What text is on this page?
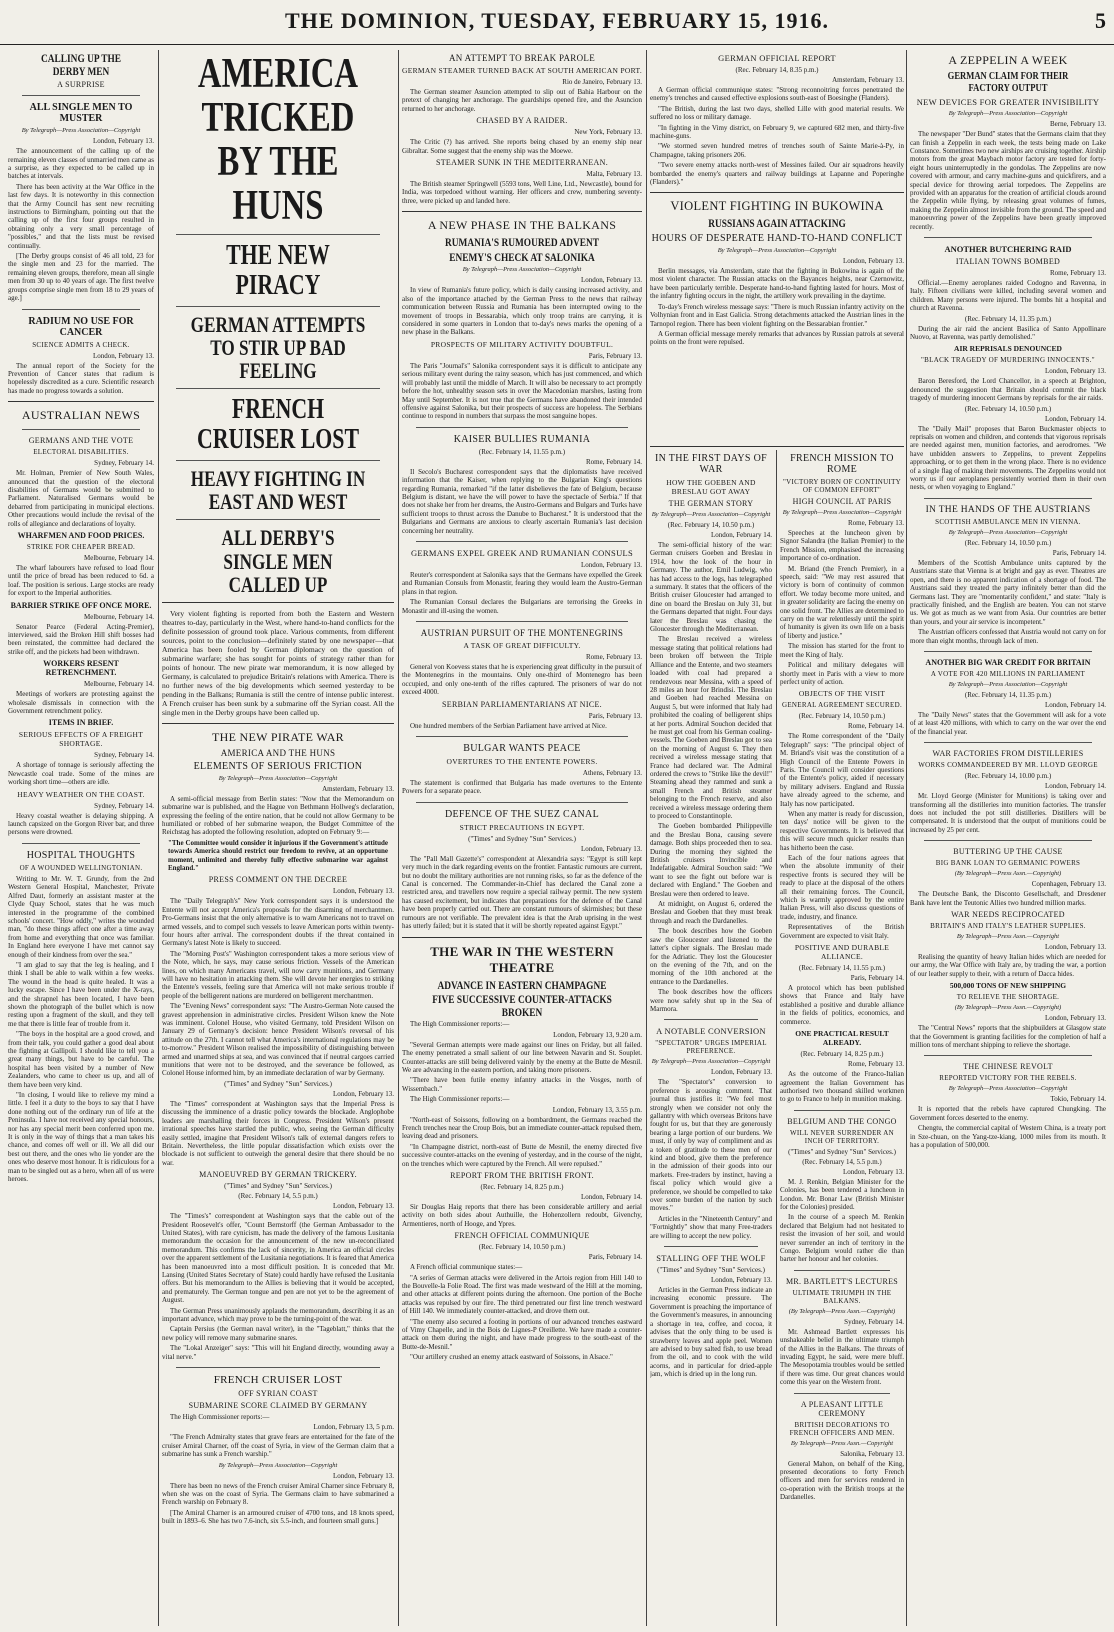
THE DOMINION, TUESDAY, FEBRUARY 15, 1916.	5
CALLING UP THE DERBY MEN
A SURPRISE
ALL SINGLE MEN TO MUSTER
By Telegraph—Press Association—Copyright
London, February 13.

The announcement of the calling up of the remaining eleven classes of unmarried men came as a surprise, as they expected to be called up in batches at intervals.

There has been activity at the War Office in the last few days. It is noteworthy in this connection that the Army Council has sent new recruiting instructions to Birmingham, pointing out that the calling up of the first four groups resulted in obtaining only a very small percentage of "possibles," and that the lists must be revised continually.

[The Derby groups consist of 46 all told, 23 for the single men and 23 for the married. The remaining eleven groups, therefore, mean all single men from 30 up to 40 years of age. The first twelve groups comprise single men from 18 to 29 years of age.]

RADIUM NO USE FOR CANCER
SCIENCE ADMITS A CHECK.
London, February 13.

The annual report of the Society for the Prevention of Cancer states that radium is hopelessly discredited as a cure. Scientific research has made no progress towards a solution.

AUSTRALIAN NEWS
GERMANS AND THE VOTE
ELECTORAL DISABILITIES.
Sydney, February 14.

Mr. Holman, Premier of New South Wales, announced that the question of the electoral disabilities of Germans would be submitted to Parliament. Naturalised Germans would be debarred from participating in municipal elections. Other precautions would include the revisal of the rolls of allegiance and declarations of loyalty.

WHARFMEN AND FOOD PRICES.
STRIKE FOR CHEAPER BREAD.
Melbourne, February 14.

The wharf labourers have refused to load flour until the price of bread has been reduced to 6d. a loaf. The position is serious. Large stocks are ready for export to the Imperial authorities.

BARRIER STRIKE OFF ONCE MORE.
Melbourne, February 14.

Senator Pearce (Federal Acting-Premier), interviewed, said the Broken Hill shift bosses had been reinstated, the committee had declared the strike off, and the pickets had been withdrawn.

WORKERS RESENT RETRENCHMENT.
Melbourne, February 14.

Meetings of workers are protesting against the wholesale dismissals in connection with the Government retrenchment policy.

ITEMS IN BRIEF.
SERIOUS EFFECTS OF A FREIGHT SHORTAGE.
Sydney, February 14.

A shortage of tonnage is seriously affecting the Newcastle coal trade. Some of the mines are working short time—others are idle.

HEAVY WEATHER ON THE COAST.
Sydney, February 14.

Heavy coastal weather is delaying shipping. A launch capsized on the Gorgon River bar, and three persons were drowned.

HOSPITAL THOUGHTS
OF A WOUNDED WELLINGTONIAN.

Writing to Mr. W. T. Grundy, from the 2nd Western General Hospital, Manchester, Private Alfred Daut, formerly an assistant master at the Clyde Quay School, states that he was much interested in the programme of the combined schools' concert. "How oddly," writes the wounded man, "do these things affect one after a time away from home and everything that once was familiar. In England here everyone I have met cannot say enough of their kindness from over the sea."

"I am glad to say that the leg is healing, and I think I shall be able to walk within a few weeks. The wound in the head is quite healed. It was a lucky escape. Since I have been under the X-rays, and the shrapnel has been located, I have been shown the photograph of the bullet which is now resting upon a fragment of the skull, and they tell me that there is little fear of trouble from it.

"The boys in the hospital are a good crowd, and from their talk, you could gather a good deal about the fighting at Gallipoli. I should like to tell you a great many things, but have to be careful. The hospital has been visited by a number of New Zealanders, who came to cheer us up, and all of them have been very kind.

"In closing, I would like to relieve my mind a little. I feel it a duty to the boys to say that I have done nothing out of the ordinary run of life at the Peninsula. I have not received any special honours, nor has any special merit been conferred upon me. It is only in the way of things that a man takes his chance, and comes off well or ill. We all did our best out there, and the ones who lie yonder are the ones who deserve most honour. It is ridiculous for a man to be singled out as a hero, when all of us were heroes.

AMERICA TRICKED BY THE HUNS
THE NEW PIRACY
GERMAN ATTEMPTS TO STIR UP BAD FEELING
FRENCH CRUISER LOST
HEAVY FIGHTING IN EAST AND WEST
ALL DERBY'S SINGLE MEN CALLED UP

Very violent fighting is reported from both the Eastern and Western theatres to-day, particularly in the West, where hand-to-hand conflicts for the definite possession of ground took place. Various comments, from different sources, point to the conclusion—definitely stated by one newspaper—that America has been fooled by German diplomacy on the question of submarine warfare; she has sought for points of strategy rather than for points of honour. The new pirate war memorandum, it is now alleged by Germany, is calculated to prejudice Britain's relations with America. There is no further news of the big developments which seemed yesterday to be pending in the Balkans; Rumania is still the centre of intense public interest. A French cruiser has been sunk by a submarine off the Syrian coast. All the single men in the Derby groups have been called up.

THE NEW PIRATE WAR
AMERICA AND THE HUNS
ELEMENTS OF SERIOUS FRICTION
By Telegraph—Press Association—Copyright
Amsterdam, February 13.

A semi-official message from Berlin states: "Now that the Memorandum on submarine war is published, and the Hague von Bethmann Hollweg's declaration, expressing the feeling of the entire nation, that he could not allow Germany to be humiliated or robbed of her submarine weapon, the Budget Committee of the Reichstag has adopted the following resolution, adopted on February 9:—

"The Committee would consider it injurious if the Government's attitude towards America should restrict our freedom to revive, at an opportune moment, unlimited and thereby fully effective submarine war against England."

PRESS COMMENT ON THE DECREE
London, February 13.

The "Daily Telegraph's" New York correspondent says it is understood the Entente will not accept America's proposals for the disarming of merchantmen. Pro-Germans insist that the only alternative is to warn Americans not to travel on armed vessels, and to compel such vessels to leave American ports within twenty-four hours after arrival. The correspondent doubts if the threat contained in Germany's latest Note is likely to succeed.

The "Morning Post's" Washington correspondent takes a more serious view of the Note, which, he says, may cause serious friction. Vessels of the American lines, on which many Americans travel, will now carry munitions, and Germany will have no hesitation in attacking them. She will devote her energies to striking the Entente's vessels, feeling sure that America will not make serious trouble if people of the belligerent nations are murdered on belligerent merchantmen.

The "Evening News" correspondent says: "The Austro-German Note caused the gravest apprehension in administrative circles. President Wilson knew the Note was imminent. Colonel House, who visited Germany, told President Wilson on January 29 of Germany's decision: hence President Wilson's reversal of his attitude on the 27th. I cannot tell what America's international regulations may be to-morrow." President Wilson realised the impossibility of distinguishing between armed and unarmed ships at sea, and was convinced that if neutral cargoes carried munitions that were not to be destroyed, and the severance be followed, as Colonel House informed him, by an immediate declaration of war by Germany.

("Times" and Sydney "Sun" Services.)
London, February 13.

The "Times" correspondent at Washington says that the Imperial Press is discussing the imminence of a drastic policy towards the blockade. Anglophobe leaders are marshalling their forces in Congress. President Wilson's present irrational speeches have startled the public, who, seeing the German difficulty easily settled, imagine that President Wilson's talk of external dangers refers to Britain. Nevertheless, the little popular dissatisfaction which exists over the blockade is not sufficient to outweigh the general desire that there should be no war.

MANOEUVRED BY GERMAN TRICKERY.
("Times" and Sydney "Sun" Services.)
(Rec. February 14, 5.5 p.m.)
London, February 13.

The "Times's" correspondent at Washington says that the cable out of the President Roosevelt's offer, "Count Bernstorff (the German Ambassador to the United States), with rare cynicism, has made the delivery of the famous Lusitania memorandum the occasion for the announcement of the new un-reconciliated memorandum. This confirms the lack of sincerity, in America an official circles over the apparent settlement of the Lusitania negotiations. It is feared that America has been manoeuvred into a most difficult position. It is conceded that Mr. Lansing (United States Secretary of State) could hardly have refused the Lusitania offers. But his memorandum to the Allies is believing that it would be accepted, and prematurely. The German tongue and pen are not yet to be the agreement of August.

The German Press unanimously applauds the memorandum, describing it as an important advance, which may prove to be the turning-point of the war.

Captain Persius (the German naval writer), in the "Tageblatt," thinks that the new policy will remove many submarine snares.

The "Lokal Anzeiger" says: "This will hit England directly, wounding away a vital nerve."

FRENCH CRUISER LOST
OFF SYRIAN COAST
SUBMARINE SCORE CLAIMED BY GERMANY

The High Commissioner reports:—

London, February 13, 5 p.m.

"The French Admiralty states that grave fears are entertained for the fate of the cruiser Amiral Charner, off the coast of Syria, in view of the German claim that a submarine has sunk a French warship."

By Telegraph—Press Association—Copyright
London, February 13.

There has been no news of the French cruiser Amiral Charner since February 8, when she was on the coast of Syria. The Germans claim to have submarined a French warship on February 8.

[The Amiral Charner is an armoured cruiser of 4700 tons, and 18 knots speed, built in 1893–6. She has two 7.6-inch, six 5.5-inch, and fourteen small guns.]

AN ATTEMPT TO BREAK PAROLE
GERMAN STEAMER TURNED BACK AT SOUTH AMERICAN PORT.
Rio de Janeiro, February 13.

The German steamer Asuncion attempted to slip out of Bahia Harbour on the pretext of changing her anchorage. The guardships opened fire, and the Asuncion returned to her anchorage.

CHASED BY A RAIDER.
New York, February 13.

The Critic (?) has arrived. She reports being chased by an enemy ship near Gibraltar. Some suggest that the enemy ship was the Moewe.

STEAMER SUNK IN THE MEDITERRANEAN.
Malta, February 13.

The British steamer Springwell (5593 tons, Well Line, Ltd., Newcastle), bound for India, was torpedoed without warning. Her officers and crew, numbering seventy-three, were picked up and landed here.

A NEW PHASE IN THE BALKANS
RUMANIA'S RUMOURED ADVENT
ENEMY'S CHECK AT SALONIKA
By Telegraph—Press Association—Copyright
London, February 13.

In view of Rumania's future policy, which is daily causing increased activity, and also of the importance attached by the German Press to the news that railway communication between Russia and Rumania has been interrupted owing to the movement of troops in Bessarabia, which only troop trains are carrying, it is considered in some quarters in London that to-day's news marks the opening of a new phase in the Balkans.

PROSPECTS OF MILITARY ACTIVITY DOUBTFUL.
Paris, February 13.

The Paris "Journal's" Salonika correspondent says it is difficult to anticipate any serious military event during the rainy season, which has just commenced, and which will probably last until the middle of March. It will also be necessary to act promptly before the hot, unhealthy season sets in over the Macedonian marshes, lasting from May until September. It is not true that the Germans have abandoned their intended offensive against Salonika, but their prospects of success are hopeless. The Serbians continue to respond in numbers that surpass the most sanguine hopes.

KAISER BULLIES RUMANIA
(Rec. February 14, 11.55 p.m.)
Rome, February 14.

Il Secolo's Bucharest correspondent says that the diplomatists have received information that the Kaiser, when replying to the Bulgarian King's questions regarding Rumania, remarked "if the latter disbelieves the fate of Belgium, because Belgium is distant, we have the will power to have the spectacle of Serbia." If that does not shake her from her dreams, the Austro-Germans and Bulgars and Turks have sufficient troops to thrust across the Danube to Bucharest." It is understood that the Bulgarians and Germans are anxious to clearly ascertain Rumania's last decision concerning her neutrality.

GERMANS EXPEL GREEK AND RUMANIAN CONSULS
London, February 13.

Reuter's correspondent at Salonika says that the Germans have expelled the Greek and Rumanian Consuls from Monastir, fearing they would learn the Austro-German plans in that region.

The Rumanian Consul declares the Bulgarians are terrorising the Greeks in Monastir and ill-using the women.

AUSTRIAN PURSUIT OF THE MONTENEGRINS
A TASK OF GREAT DIFFICULTY.
Rome, February 13.

General von Koevess states that he is experiencing great difficulty in the pursuit of the Montenegrins in the mountains. Only one-third of Montenegro has been occupied, and only one-tenth of the rifles captured. The prisoners of war do not exceed 4000.

SERBIAN PARLIAMENTARIANS AT NICE.
Paris, February 13.

One hundred members of the Serbian Parliament have arrived at Nice.

BULGAR WANTS PEACE
OVERTURES TO THE ENTENTE POWERS.
Athens, February 13.

The statement is confirmed that Bulgaria has made overtures to the Entente Powers for a separate peace.

DEFENCE OF THE SUEZ CANAL
STRICT PRECAUTIONS IN EGYPT.
("Times" and Sydney "Sun" Services.)
London, February 13.

The "Pall Mall Gazette's" correspondent at Alexandria says: "Egypt is still kept very much in the dark regarding events on the frontier. Fantastic rumours are current, but no doubt the military authorities are not running risks, so far as the defence of the Canal is concerned. The Commander-in-Chief has declared the Canal zone a restricted area, and travellers now require a special railway permit. The new system has caused excitement, but indicates that preparations for the defence of the Canal have been properly carried out. There are constant rumours of skirmishes; but these rumours are not verifiable. The prevalent idea is that the Arab uprising in the west has utterly failed; but it is stated that it will be shortly repeated against Egypt."

THE WAR IN THE WESTERN THEATRE
ADVANCE IN EASTERN CHAMPAGNE
FIVE SUCCESSIVE COUNTER-ATTACKS BROKEN

The High Commissioner reports:—

London, February 13, 9.20 a.m.

"Several German attempts were made against our lines on Friday, but all failed. The enemy penetrated a small salient of our line between Navarin and St. Souplet. Counter-attacks are still being delivered vainly by the enemy at the Butte de Mesnil. We are advancing in the eastern portion, and taking more prisoners.

"There have been futile enemy infantry attacks in the Vosges, north of Wissembach."

The High Commissioner reports:—

London, February 13, 3.55 p.m.

"North-east of Soissons, following on a bombardment, the Germans reached the French trenches near the Croup Bois, but an immediate counter-attack repulsed them, leaving dead and prisoners.

"In Champagne district, north-east of Butte de Mesnil, the enemy directed five successive counter-attacks on the evening of yesterday, and in the course of the night, on the trenches which were captured by the French. All were repulsed."

REPORT FROM THE BRITISH FRONT.
(Rec. February 14, 8.25 p.m.)
London, February 14.

Sir Douglas Haig reports that there has been considerable artillery and aerial activity on both sides about Authuille, the Hohenzollern redoubt, Givenchy, Armentieres, north of Hooge, and Ypres.

FRENCH OFFICIAL COMMUNIQUE
(Rec. February 14, 10.50 p.m.)
Paris, February 14.

A French official communique states:—

"A series of German attacks were delivered in the Artois region from Hill 140 to the Bouvelle-la Folie Road. The first was made westward of the Hill at the morning, and other attacks at different points during the afternoon. One portion of the Boche attacks was repulsed by our fire. The third penetrated our first line trench westward of Hill 140. We immediately counter-attacked, and drove them out.

"The enemy also secured a footing in portions of our advanced trenches eastward of Vimy Chapelle, and in the Bois de Lignes-P Oreillette. We have made a counter-attack on them during the night, and have made progress to the south-east of the Butte-de-Mesnil."

"Our artillery crushed an enemy attack eastward of Soissons, in Alsace."

GERMAN OFFICIAL REPORT
(Rec. February 14, 8.35 p.m.)
Amsterdam, February 13.

A German official communique states: "Strong reconnoitring forces penetrated the enemy's trenches and caused effective explosions south-east of Boesinghe (Flanders).

"The British, during the last two days, shelled Lille with good material results. We suffered no loss or military damage.

"In fighting in the Vimy district, on February 9, we captured 682 men, and thirty-five machine-guns.

"We stormed seven hundred metres of trenches south of Sainte Marie-à-Py, in Champagne, taking prisoners 206.

"Two severe enemy attacks north-west of Messines failed. Our air squadrons heavily bombarded the enemy's quarters and railway buildings at Lapanne and Poperinghe (Flanders)."

VIOLENT FIGHTING IN BUKOWINA
RUSSIANS AGAIN ATTACKING
HOURS OF DESPERATE HAND-TO-HAND CONFLICT
By Telegraph—Press Association—Copyright
London, February 13.

Berlin messages, via Amsterdam, state that the fighting in Bukowina is again of the most violent character. The Russian attacks on the Bayances heights, near Czernowitz, have been particularly terrible. Desperate hand-to-hand fighting lasted for hours. Most of the infantry fighting occurs in the night, the artillery work prevailing in the daytime.

To-day's French wireless message says: "There is much Russian infantry activity on the Volhynian front and in East Galicia. Strong detachments attacked the Austrian lines in the Tarnopol region. There has been violent fighting on the Bessarabian frontier."

A German official message merely remarks that advances by Russian patrols at several points on the front were repulsed.

IN THE FIRST DAYS OF WAR
HOW THE GOEBEN AND BRESLAU GOT AWAY
THE GERMAN STORY
By Telegraph—Press Association—Copyright
(Rec. February 14, 10.50 p.m.)
London, February 14.

The semi-official history of the war: German cruisers Goeben and Breslau in 1914, how the look of the hour in Germany. The author, Emil Ludwig, who has had access to the logs, has telegraphed a summary. It states that the officers of the British cruiser Gloucester had arranged to dine on board the Breslau on July 31, but the Germans departed that night. Four days later the Breslau was chasing the Gloucester through the Mediterranean.

The Breslau received a wireless message stating that political relations had been broken off between the Triple Alliance and the Entente, and two steamers loaded with coal had prepared a rendezvous near Messina, with a speed of 28 miles an hour for Brindisi. The Breslau and Goeben had reached Messina on August 5, but were informed that Italy had prohibited the coaling of belligerent ships at her ports. Admiral Souchon decided that he must get coal from his German coaling-vessels. The Goeben and Breslau got to sea on the morning of August 6. They then received a wireless message stating that France had declared war. The Admiral ordered the crews to "Strike like the devil!" Steaming ahead they rammed and sunk a small French and British steamer belonging to the French reserve, and also received a wireless message ordering them to proceed to Constantinople.

The Goeben bombarded Philippeville and the Breslau Bona, causing severe damage. Both ships proceeded then to sea. During the morning they sighted the British cruisers Invincible and Indefatigable. Admiral Souchon said: "We want to see the fight out before war is declared with England." The Goeben and Breslau were then ordered to leave.

At midnight, on August 6, ordered the Breslau and Goeben that they must break through and reach the Dardanelles.

The book describes how the Goeben saw the Gloucester and listened to the latter's cipher signals. The Breslau made for the Adriatic. They lost the Gloucester on the evening of the 7th, and on the morning of the 10th anchored at the entrance to the Dardanelles.

The book describes how the officers were now safely shut up in the Sea of Marmora.

A NOTABLE CONVERSION
"SPECTATOR" URGES IMPERIAL PREFERENCE.
By Telegraph—Press Association—Copyright
London, February 13.

The "Spectator's" conversion to preference is arousing comment. That journal thus justifies it: "We feel most strongly when we consider not only the gallantry with which overseas Britons have fought for us, but that they are generously bearing a large portion of our burdens. We must, if only by way of compliment and as a token of gratitude to these men of our kind and blood, give them the preference in the admission of their goods into our markets. Free-traders by instinct, having a fiscal policy which would give a preference, we should be compelled to take over some burden of the nation by such moves."

Articles in the "Nineteenth Century" and "Fortnightly" show that many Free-traders are willing to accept the new policy.

STALLING OFF THE WOLF
("Times" and Sydney "Sun" Services.)
London, February 13.

Articles in the German Press indicate an increasing economic pressure. The Government is preaching the importance of the Government's measures, in announcing a shortage in tea, coffee, and cocoa, it advises that the only thing to be used is strawberry leaves and apple peel. Women are advised to buy salted fish, to use bread from the oil, and to cook with the wild acorns, and in particular for dried-apple jam, which is dried up in the long run.

FRENCH MISSION TO ROME
"VICTORY BORN OF CONTINUITY OF COMMON EFFORT"
HIGH COUNCIL AT PARIS
By Telegraph—Press Association—Copyright
Rome, February 13.

Speeches at the luncheon given by Signor Salandra (the Italian Premier) to the French Mission, emphasised the increasing importance of co-ordination.

M. Briand (the French Premier), in a speech, said: "We may rest assured that victory is born of continuity of common effort. We today become more united, and in greater solidarity are facing the enemy on one solid front. The Allies are determined to carry on the war relentlessly until the spirit of humanity is given its own life on a basis of liberty and justice."

The mission has started for the front to meet the King of Italy.

Political and military delegates will shortly meet in Paris with a view to more perfect unity of action.

OBJECTS OF THE VISIT
GENERAL AGREEMENT SECURED.
(Rec. February 14, 10.50 p.m.)
Rome, February 14.

The Rome correspondent of the "Daily Telegraph" says: "The principal object of M. Briand's visit was the constitution of a High Council of the Entente Powers in Paris. The Council will consider questions of the Entente's policy, aided if necessary by military advisers. England and Russia have already agreed to the scheme, and Italy has now participated.

When any matter is ready for discussion, ten days' notice will be given to the respective Governments. It is believed that this will secure much quicker results than has hitherto been the case.

Each of the four nations agrees that when the absolute immunity of their respective fronts is secured they will be ready to place at the disposal of the others all their remaining forces. The Council, which is warmly approved by the entire Italian Press, will also discuss questions of trade, industry, and finance.

Representatives of the British Government are expected to visit Italy.

POSITIVE AND DURABLE ALLIANCE.
(Rec. February 14, 11.55 p.m.)
Paris, February 14.

A protocol which has been published shows that France and Italy have established a positive and durable alliance in the fields of politics, economics, and commerce.

ONE PRACTICAL RESULT ALREADY.
(Rec. February 14, 8.25 p.m.)
Rome, February 13.

As the outcome of the Franco-Italian agreement the Italian Government has authorised two thousand skilled workmen to go to France to help in munition making.

BELGIUM AND THE CONGO
WILL NEVER SURRENDER AN INCH OF TERRITORY.
("Times" and Sydney "Sun" Services.)
(Rec. February 14, 5.5 p.m.)
London, February 13.

M. J. Renkin, Belgian Minister for the Colonies, has been tendered a luncheon in London. Mr. Bonar Law (British Minister for the Colonies) presided.

In the course of a speech M. Renkin declared that Belgium had not hesitated to resist the invasion of her soil, and would never surrender an inch of territory in the Congo. Belgium would rather die than barter her honour and her colonies.

MR. BARTLETT'S LECTURES
ULTIMATE TRIUMPH IN THE BALKANS.
(By Telegraph—Press Assn.—Copyright)
Sydney, February 14.

Mr. Ashmead Bartlett expresses his unshakeable belief in the ultimate triumph of the Allies in the Balkans. The threats of invading Egypt, he said, were mere bluff. The Mesopotamia troubles would be settled if there was time. Our great chances would come this year on the Western front.

A PLEASANT LITTLE CEREMONY
BRITISH DECORATIONS TO FRENCH OFFICERS AND MEN.
By Telegraph—Press Assn.—Copyright
Salonika, February 13.

General Mahon, on behalf of the King, presented decorations to forty French officers and men for services rendered in co-operation with the British troops at the Dardanelles.

A ZEPPELIN A WEEK
GERMAN CLAIM FOR THEIR FACTORY OUTPUT
NEW DEVICES FOR GREATER INVISIBILITY
By Telegraph—Press Association—Copyright
Berne, February 13.

The newspaper "Der Bund" states that the Germans claim that they can finish a Zeppelin in each week, the tests being made on Lake Constance. Sometimes two new airships are cruising together. Airship motors from the great Maybach motor factory are tested for forty-eight hours uninterruptedly in the gondolas. The Zeppelins are now covered with armour, and carry machine-guns and quickfirers, and a special device for throwing aerial torpedoes. The Zeppelins are provided with an apparatus for the creation of artificial clouds around the Zeppelin while flying, by releasing great volumes of fumes, making the Zeppelin almost invisible from the ground. The speed and manoeuvring power of the Zeppelins have been greatly improved recently.

ANOTHER BUTCHERING RAID
ITALIAN TOWNS BOMBED
Rome, February 13.

Official.—Enemy aeroplanes raided Codogno and Ravenna, in Italy. Fifteen civilians were killed, including several women and children. Many persons were injured. The bombs hit a hospital and church at Ravenna.

(Rec. February 14, 11.35 p.m.)

During the air raid the ancient Basilica of Santo Appollinare Nuovo, at Ravenna, was partly demolished."

AIR REPRISALS DENOUNCED
"BLACK TRAGEDY OF MURDERING INNOCENTS."
London, February 13.

Baron Beresford, the Lord Chancellor, in a speech at Brighton, denounced the suggestion that Britain should commit the black tragedy of murdering innocent Germans by reprisals for the air raids.

(Rec. February 14, 10.50 p.m.)
London, February 14.

The "Daily Mail" proposes that Baron Buckmaster objects to reprisals on women and children, and contends that vigorous reprisals are needed against men, munition factories, and aerodromes. "We have unbidden answers to Zeppelins, to prevent Zeppelins approaching, or to get them in the wrong place. There is no evidence of a single flag of making their movements. The Zeppelins would not worry us if our aeroplanes persistently worried them in their own nests, or when voyaging to England."

IN THE HANDS OF THE AUSTRIANS
SCOTTISH AMBULANCE MEN IN VIENNA.
By Telegraph—Press Association—Copyright
(Rec. February 14, 10.50 p.m.)
Paris, February 14.

Members of the Scottish Ambulance units captured by the Austrians state that Vienna is at bright and gay as ever. Theatres are open, and there is no apparent indication of a shortage of food. The Austrians said they treated the party infinitely better than did the Germans last. They are "momentarily confident," and state: "Italy is practically finished, and the English are beaten. You can not starve us. We got as much as we want from Asia. Our countries are better than yours, and your air service is incompetent."

The Austrian officers confessed that Austria would not carry on for more than eight months, through lack of men.

ANOTHER BIG WAR CREDIT FOR BRITAIN
A VOTE FOR 420 MILLIONS IN PARLIAMENT
By Telegraph—Press Association—Copyright
(Rec. February 14, 11.35 p.m.)
London, February 14.

The "Daily News" states that the Government will ask for a vote of at least 420 millions, with which to carry on the war over the end of the financial year.

WAR FACTORIES FROM DISTILLERIES
WORKS COMMANDEERED BY MR. LLOYD GEORGE
(Rec. February 14, 10.00 p.m.)
London, February 14.

Mr. Lloyd George (Minister for Munitions) is taking over and transforming all the distilleries into munition factories. The transfer does not included the pot still distilleries. Distillers will be compensated. It is understood that the output of munitions could be increased by 25 per cent.

BUTTERING UP THE CAUSE
BIG BANK LOAN TO GERMANIC POWERS
(By Telegraph—Press Assn.—Copyright)
Copenhagen, February 13.

The Deutsche Bank, the Disconto Gesellschaft, and Dresdener Bank have lent the Teutonic Allies two hundred million marks.

WAR NEEDS RECIPROCATED
BRITAIN'S AND ITALY'S LEATHER SUPPLIES.
By Telegraph—Press Assn.—Copyright
London, February 13.

Realising the quantity of heavy Italian hides which are needed for our army, the War Office with Italy are, by trading the war, a portion of our leather supply to their, with a return of Dacca hides.

500,000 TONS OF NEW SHIPPING
TO RELIEVE THE SHORTAGE.
(By Telegraph—Press Assn.—Copyright)
London, February 13.

The "Central News" reports that the shipbuilders at Glasgow state that the Government is granting facilities for the completion of half a million tons of merchant shipping to relieve the shortage.

THE CHINESE REVOLT
REPORTED VICTORY FOR THE REBELS.
By Telegraph—Press Association—Copyright
Tokio, February 14.

It is reported that the rebels have captured Chungking. The Government forces deserted to the enemy.

Chengtu, the commercial capital of Western China, is a treaty port in Sze-chuan, on the Yang-tze-kiang, 1000 miles from its mouth. It has a population of 500,000.
